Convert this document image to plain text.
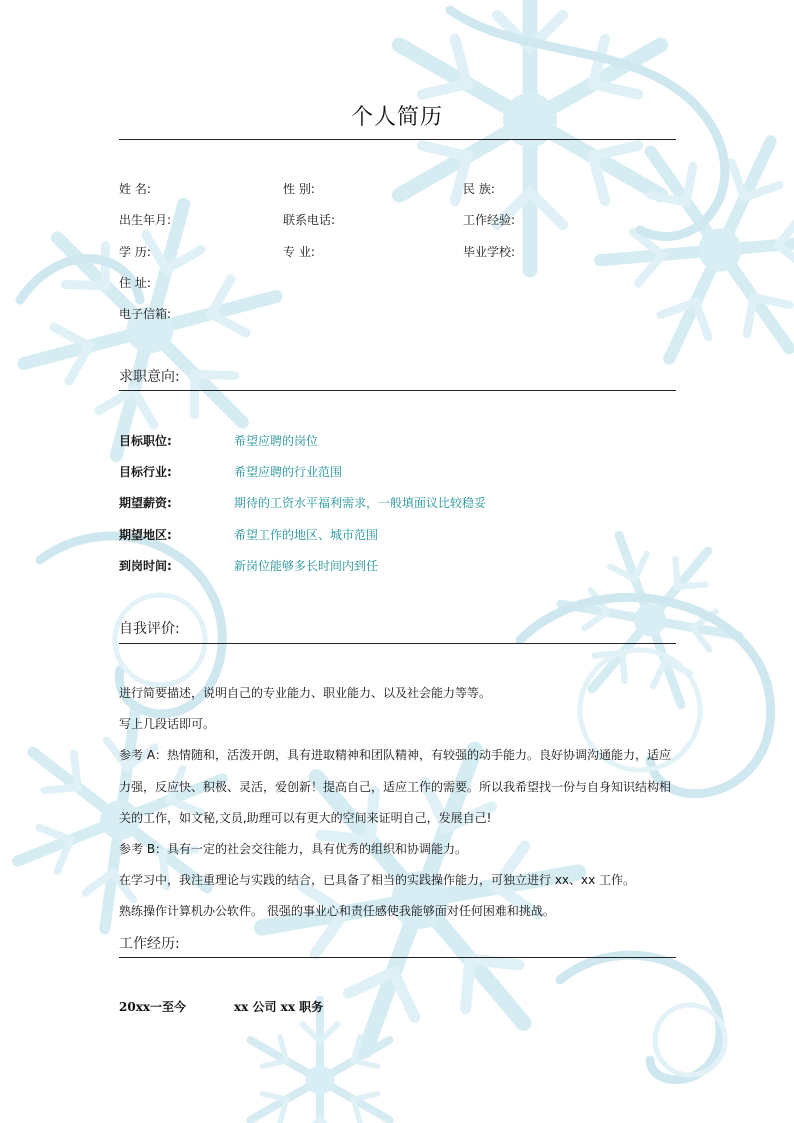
个人简历
姓 名:	性 别:	民 族:
出生年月:	联系电话:	工作经验:
学 历:	专 业:	毕业学校:
住 址:
电子信箱:
求职意向:
目标职位:	希望应聘的岗位
目标行业:	希望应聘的行业范围
期望薪资:	期待的工资水平福利需求，一般填面议比较稳妥
期望地区:	希望工作的地区、城市范围
到岗时间:	新岗位能够多长时间内到任
自我评价:
进行简要描述，说明自己的专业能力、职业能力、以及社会能力等等。
写上几段话即可。
参考 A：热情随和，活泼开朗，具有进取精神和团队精神，有较强的动手能力。良好协调沟通能力，适应
力强，反应快、积极、灵活，爱创新！提高自己，适应工作的需要。所以我希望找一份与自身知识结构相
关的工作，如文秘,文员,助理可以有更大的空间来证明自己，发展自己!
参考 B：具有一定的社会交往能力，具有优秀的组织和协调能力。
在学习中，我注重理论与实践的结合，已具备了相当的实践操作能力，可独立进行 xx、xx 工作。
熟练操作计算机办公软件。 很强的事业心和责任感使我能够面对任何困难和挑战。
工作经历:
20xx一至今	xx 公司 xx 职务
